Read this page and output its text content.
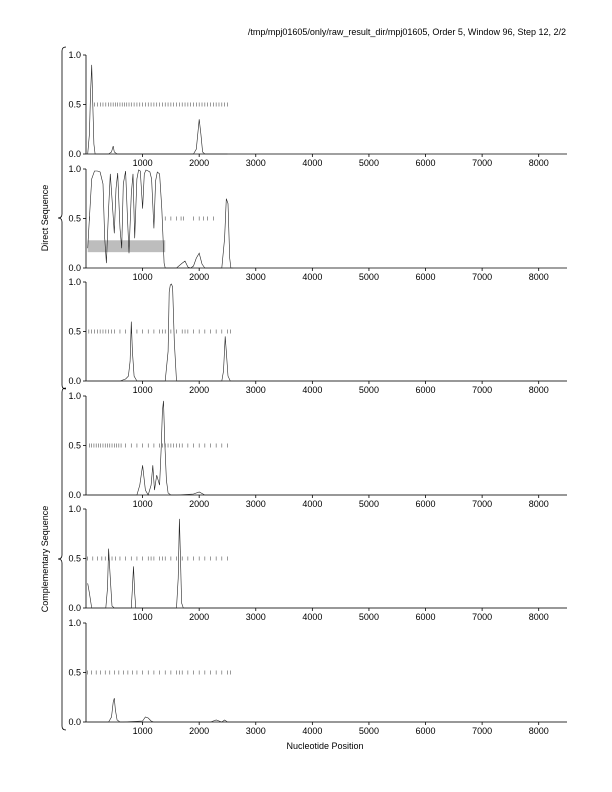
/tmp/mpj01605/only/raw_result_dir/mpj01605, Order 5, Window 96, Step 12, 2/2
0.0
0.5
1.0
1000	2000	3000	4000	5000	6000	7000	8000
0.0
0.5
1.0
1000	2000	3000	4000	5000	6000	7000	8000
0.0
0.5
1.0
1000	2000	3000	4000	5000	6000	7000	8000
0.0
0.5
1.0
1000	2000	3000	4000	5000	6000	7000	8000
0.0
0.5
1.0
1000	2000	3000	4000	5000	6000	7000	8000
0.0
0.5
1.0
1000	2000	3000	4000	5000	6000	7000	8000
Direct Sequence
Complementary Sequence
Nucleotide Position
